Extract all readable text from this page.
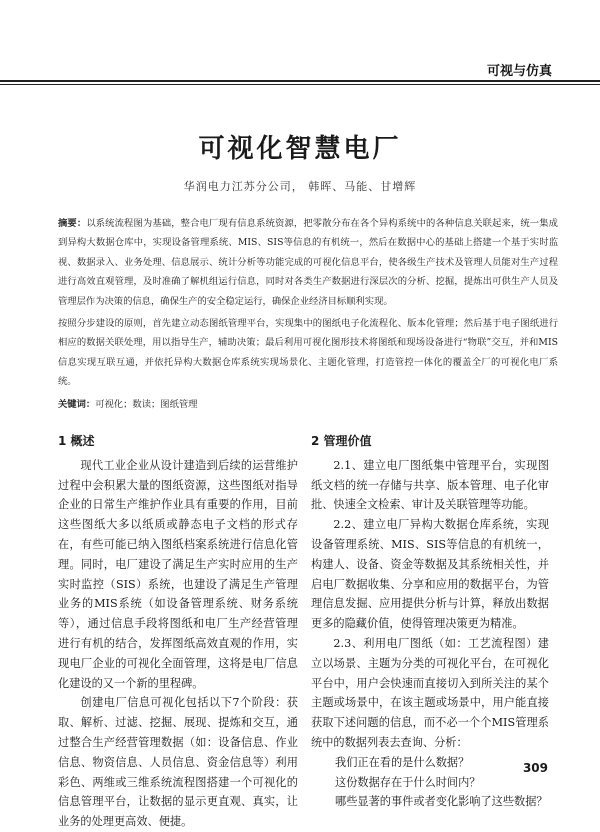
可视与仿真
可视化智慧电厂
华润电力江苏分公司， 韩晖、马能、甘增辉

摘要：以系统流程图为基础，整合电厂现有信息系统资源，把零散分布在各个异构系统中的各种信息关联起来，统一集成到异构大数据仓库中，实现设备管理系统、MIS、SIS等信息的有机统一，然后在数据中心的基础上搭建一个基于实时监视、数据录入、业务处理、信息展示、统计分析等功能完成的可视化信息平台，使各级生产技术及管理人员能对生产过程进行高效直观管理，及时准确了解机组运行信息，同时对各类生产数据进行深层次的分析、挖掘，提炼出可供生产人员及管理层作为决策的信息，确保生产的安全稳定运行，确保企业经济目标顺利实现。

按照分步建设的原则，首先建立动态图纸管理平台，实现集中的图纸电子化流程化、版本化管理；然后基于电子图纸进行相应的数据关联处理，用以指导生产，辅助决策；最后利用可视化图形技术将图纸和现场设备进行“物联”交互，并和MIS信息实现互联互通，并依托异构大数据仓库系统实现场景化、主题化管理，打造管控一体化的覆盖全厂的可视化电厂系统。

关键词：可视化；数读；图纸管理

1 概述

现代工业企业从设计建造到后续的运营维护过程中会积累大量的图纸资源，这些图纸对指导企业的日常生产维护作业具有重要的作用，目前这些图纸大多以纸质或静态电子文档的形式存在，有些可能已纳入图纸档案系统进行信息化管理。同时，电厂建设了满足生产实时应用的生产实时监控（SIS）系统，也建设了满足生产管理业务的MIS系统（如设备管理系统、财务系统等），通过信息手段将图纸和电厂生产经营管理进行有机的结合，发挥图纸高效直观的作用，实现电厂企业的可视化全面管理，这将是电厂信息化建设的又一个新的里程碑。

创建电厂信息可视化包括以下7个阶段：获取、解析、过滤、挖掘、展现、提炼和交互，通过整合生产经营管理数据（如：设备信息、作业信息、物资信息、人员信息、资金信息等）利用彩色、两维或三维系统流程图搭建一个可视化的信息管理平台，让数据的显示更直观、真实，让业务的处理更高效、便捷。

2 管理价值

2.1、建立电厂图纸集中管理平台，实现图纸文档的统一存储与共享、版本管理、电子化审批、快速全文检索、审计及关联管理等功能。

2.2、建立电厂异构大数据仓库系统，实现设备管理系统、MIS、SIS等信息的有机统一，构建人、设备、资金等数据及其系统相关性，并启电厂数据收集、分享和应用的数据平台，为管理信息发掘、应用提供分析与计算，释放出数据更多的隐藏价值，使得管理决策更为精准。

2.3、利用电厂图纸（如：工艺流程图）建立以场景、主题为分类的可视化平台，在可视化平台中，用户会快速而直接切入到所关注的某个主题或场景中，在该主题或场景中，用户能直接获取下述问题的信息，而不必一个个MIS管理系统中的数据列表去查询、分析：

我们正在看的是什么数据？

这份数据存在于什么时间内？

哪些显著的事件或者变化影响了这些数据？

309
